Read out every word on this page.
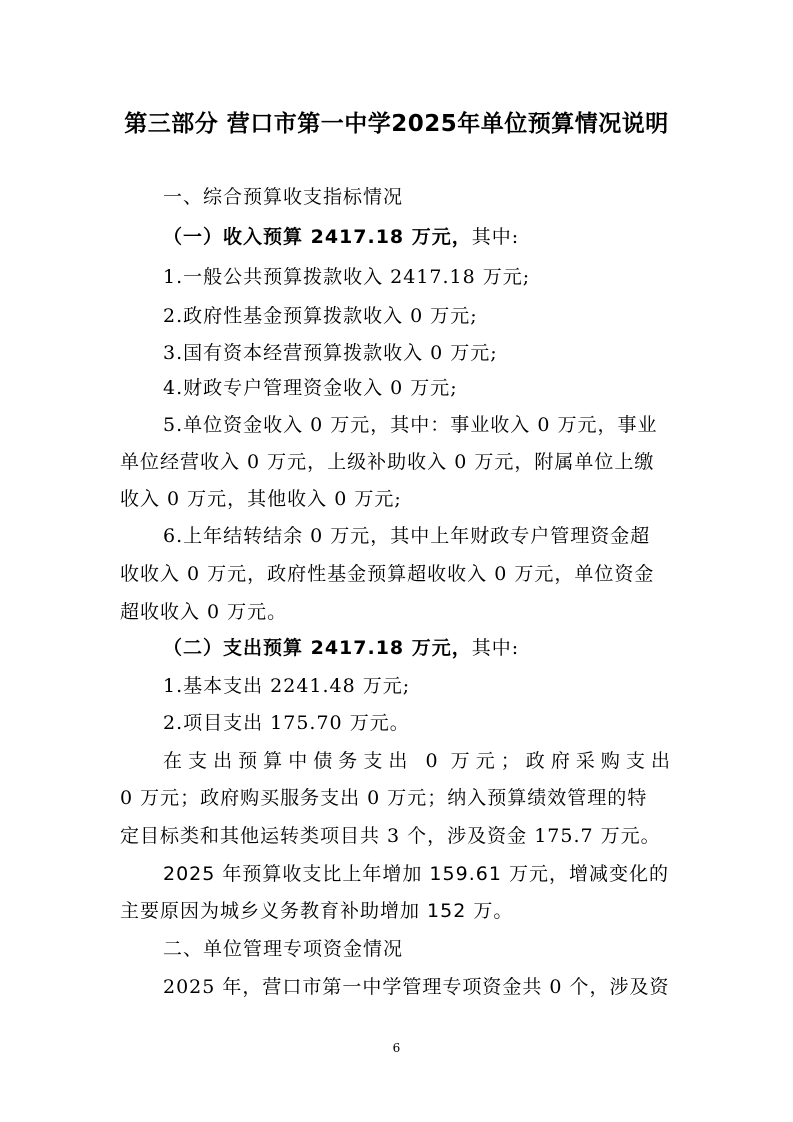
第三部分 营口市第一中学2025年单位预算情况说明
一、综合预算收支指标情况
（一）收入预算 2417.18 万元，其中:
1.一般公共预算拨款收入 2417.18 万元;
2.政府性基金预算拨款收入 0 万元;
3.国有资本经营预算拨款收入 0 万元;
4.财政专户管理资金收入 0 万元;
5.单位资金收入 0 万元，其中：事业收入 0 万元，事业
单位经营收入 0 万元，上级补助收入 0 万元，附属单位上缴
收入 0 万元，其他收入 0 万元;
6.上年结转结余 0 万元，其中上年财政专户管理资金超
收收入 0 万元，政府性基金预算超收收入 0 万元，单位资金
超收收入 0 万元。
（二）支出预算 2417.18 万元，其中:
1.基本支出 2241.48 万元;
2.项目支出 175.70 万元。
在支出预算中债务支出 0 万元；政府采购支出
0 万元；政府购买服务支出 0 万元；纳入预算绩效管理的特
定目标类和其他运转类项目共 3 个，涉及资金 175.7 万元。
2025 年预算收支比上年增加 159.61 万元，增减变化的
主要原因为城乡义务教育补助增加 152 万。
二、单位管理专项资金情况
2025 年，营口市第一中学管理专项资金共 0 个，涉及资
6
